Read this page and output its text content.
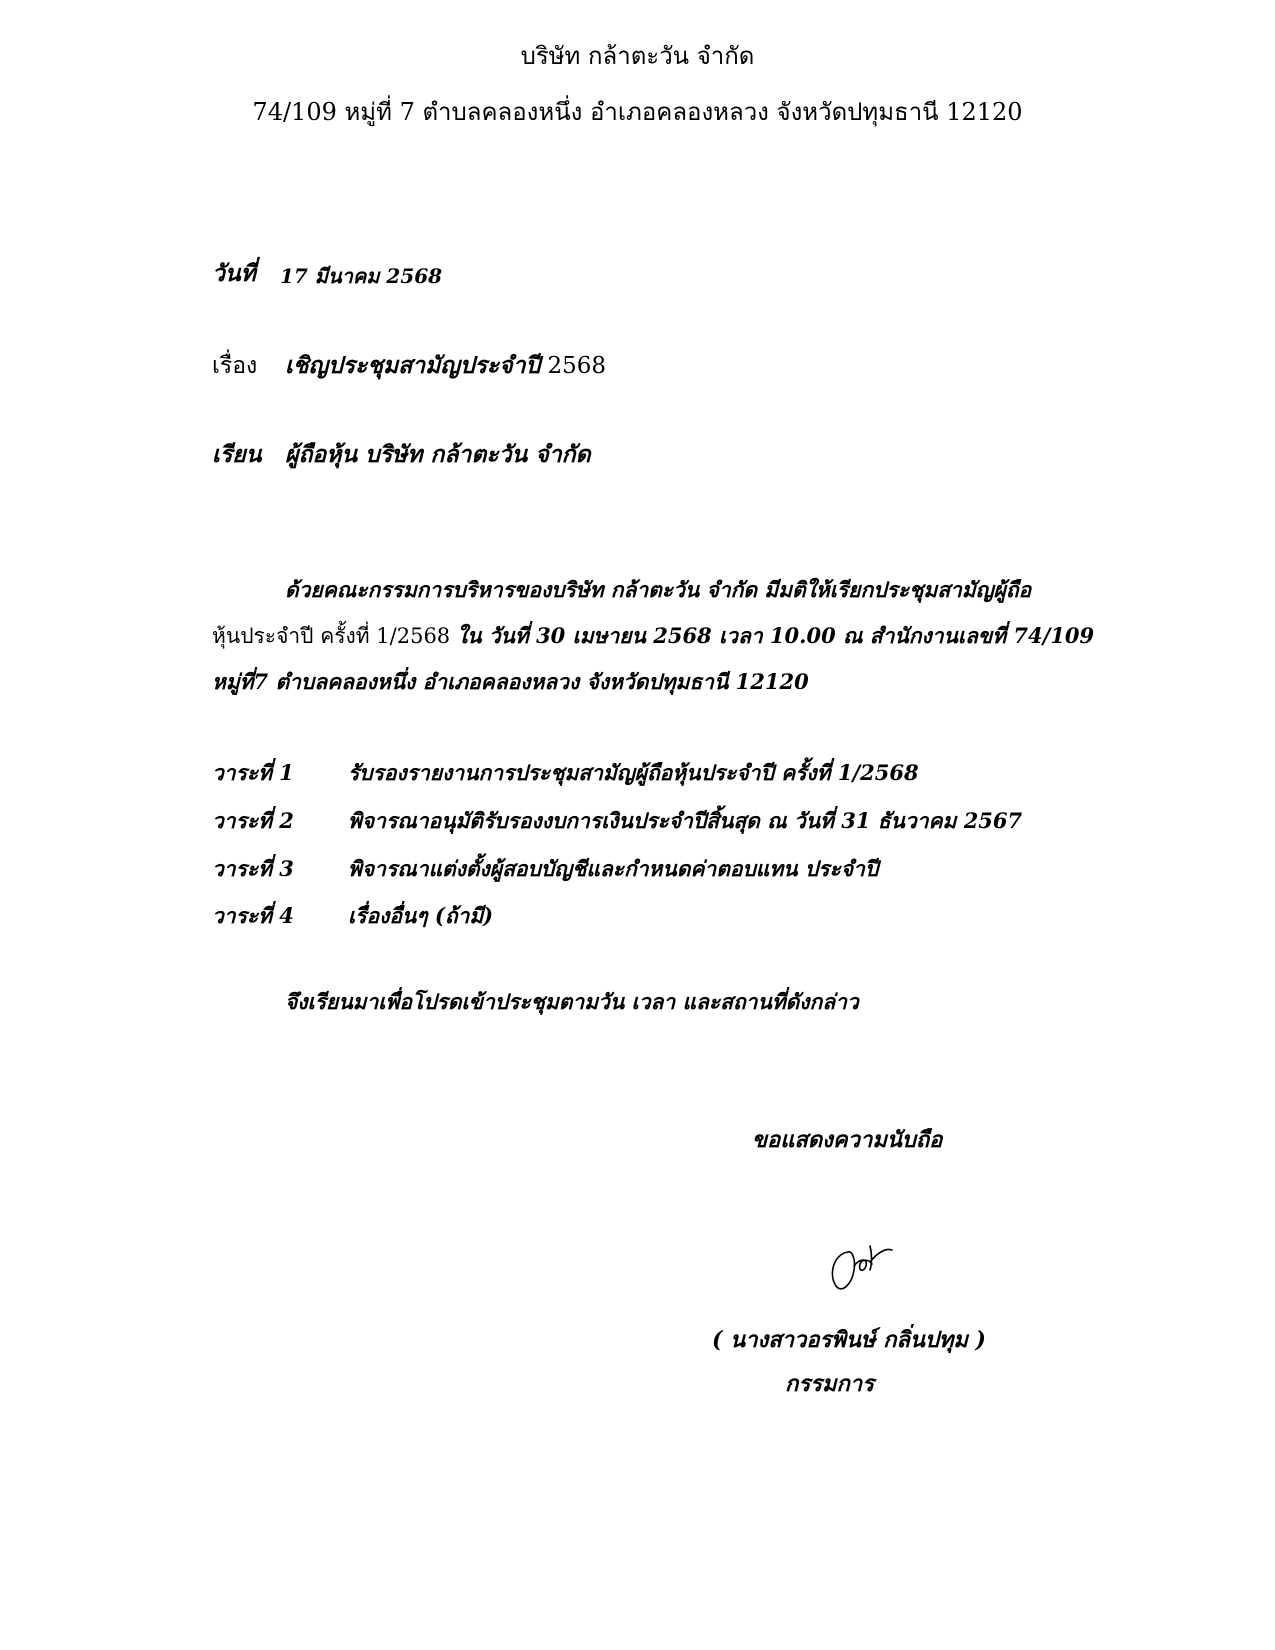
บริษัท กล้าตะวัน จำกัด
74/109 หมู่ที่ 7 ตำบลคลองหนึ่ง อำเภอคลองหลวง จังหวัดปทุมธานี 12120
วันที่ 17 มีนาคม 2568
เรื่อง เชิญประชุมสามัญประจำปี 2568
เรียน ผู้ถือหุ้น บริษัท กล้าตะวัน จำกัด
ด้วยคณะกรรมการบริหารของบริษัท กล้าตะวัน จำกัด มีมติให้เรียกประชุมสามัญผู้ถือ
หุ้นประจำปี ครั้งที่ 1/2568 ใน วันที่ 30 เมษายน 2568 เวลา 10.00 ณ สำนักงานเลขที่ 74/109
หมู่ที่7 ตำบลคลองหนึ่ง อำเภอคลองหลวง จังหวัดปทุมธานี 12120
วาระที่ 1	รับรองรายงานการประชุมสามัญผู้ถือหุ้นประจำปี ครั้งที่ 1/2568
วาระที่ 2	พิจารณาอนุมัติรับรองงบการเงินประจำปีสิ้นสุด ณ วันที่ 31 ธันวาคม 2567
วาระที่ 3	พิจารณาแต่งตั้งผู้สอบบัญชีและกำหนดค่าตอบแทน ประจำปี
วาระที่ 4	เรื่องอื่นๆ (ถ้ามี)
จึงเรียนมาเพื่อโปรดเข้าประชุมตามวัน เวลา และสถานที่ดังกล่าว
ขอแสดงความนับถือ
( นางสาวอรพินษ์ กลิ่นปทุม )
กรรมการ
